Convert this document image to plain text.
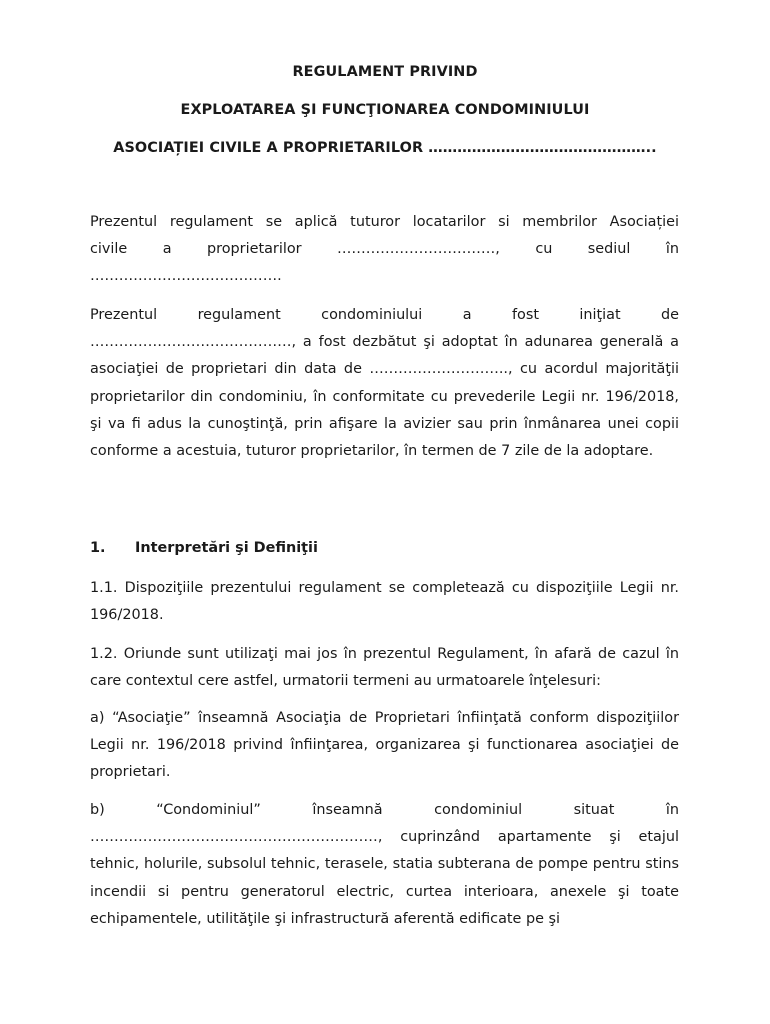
REGULAMENT PRIVIND
EXPLOATAREA ŞI FUNCŢIONAREA CONDOMINIULUI
ASOCIAȚIEI CIVILE A PROPRIETARILOR ………………………………………..
Prezentul regulament se aplică tuturor locatarilor si membrilor Asociației
civile a proprietarilor ……………………………, cu sediul în
………………………………….
Prezentul regulament condominiului a fost iniţiat de
……………………………………, a fost dezbătut şi adoptat în adunarea generală a asociaţiei de proprietari din data de ……………………….., cu acordul majorităţii proprietarilor din condominiu, în conformitate cu prevederile Legii nr. 196/2018, şi va fi adus la cunoştinţă, prin afişare la avizier sau prin înmânarea unei copii conforme a acestuia, tuturor proprietarilor, în termen de 7 zile de la adoptare.
1. Interpretări şi Definiţii

1.1. Dispoziţiile prezentului regulament se completează cu dispoziţiile Legii nr. 196/2018.

1.2. Oriunde sunt utilizaţi mai jos în prezentul Regulament, în afară de cazul în care contextul cere astfel, urmatorii termeni au urmatoarele înţelesuri:

a) “Asociaţie” înseamnă Asociaţia de Proprietari înfiinţată conform dispoziţiilor Legii nr. 196/2018 privind înfiinţarea, organizarea şi functionarea asociaţiei de proprietari.

b) “Condominiul” înseamnă condominiul situat în
……………………………………………………, cuprinzând apartamente şi etajul tehnic, holurile, subsolul tehnic, terasele, statia subterana de pompe pentru stins incendii si pentru generatorul electric, curtea interioara, anexele şi toate echipamentele, utilităţile şi infrastructură aferentă edificate pe şi
